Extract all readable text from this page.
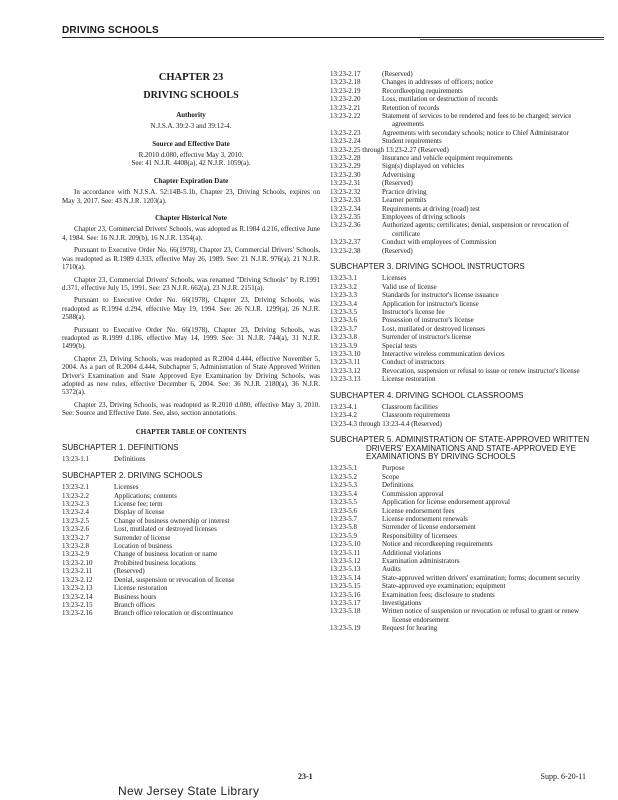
DRIVING SCHOOLS
CHAPTER 23
DRIVING SCHOOLS
Authority

N.J.S.A. 39:2-3 and 39:12-4.

Source and Effective Date

R.2010 d.080, effective May 3, 2010.

See: 41 N.J.R. 4408(a), 42 N.J.R. 1059(a).

Chapter Expiration Date

In accordance with N.J.S.A. 52:14B-5.1b, Chapter 23, Driving Schools, expires on May 3, 2017. See: 43 N.J.R. 1203(a).

Chapter Historical Note

Chapter 23, Commercial Drivers' Schools, was adopted as R.1984 d.216, effective June 4, 1984. See: 16 N.J.R. 209(b), 16 N.J.R. 1354(a).

Pursuant to Executive Order No. 66(1978), Chapter 23, Commercial Drivers' Schools, was readopted as R.1989 d.333, effective May 26, 1989. See: 21 N.J.R. 976(a), 21 N.J.R. 1710(a).

Chapter 23, Commercial Drivers' Schools, was renamed "Driving Schools" by R.1991 d.371, effective July 15, 1991. See: 23 N.J.R. 662(a), 23 N.J.R. 2151(a).

Pursuant to Executive Order No. 66(1978), Chapter 23, Driving Schools, was readopted as R.1994 d.294, effective May 19, 1994. See: 26 N.J.R. 1299(a), 26 N.J.R. 2588(a).

Pursuant to Executive Order No. 66(1978), Chapter 23, Driving Schools, was readopted as R.1999 d.186, effective May 14, 1999. See: 31 N.J.R. 744(a), 31 N.J.R. 1499(b).

Chapter 23, Driving Schools, was readopted as R.2004 d.444, effective November 5, 2004. As a part of R.2004 d.444, Subchapter 5, Administration of State Approved Written Driver's Examination and State Approved Eye Examination by Driving Schools, was adopted as new rules, effective December 6, 2004. See: 36 N.J.R. 2180(a), 36 N.J.R. 5372(a).

Chapter 23, Driving Schools, was readopted as R.2010 d.080, effective May 3, 2010. See: Source and Effective Date. See, also, section annotations.

CHAPTER TABLE OF CONTENTS
SUBCHAPTER 1. DEFINITIONS
13:23-1.1	Definitions
SUBCHAPTER 2. DRIVING SCHOOLS
13:23-2.1	Licenses
13:23-2.2	Applications; contents
13:23-2.3	License fee; term
13:23-2.4	Display of license
13:23-2.5	Change of business ownership or interest
13:23-2.6	Lost, mutilated or destroyed licenses
13:23-2.7	Surrender of license
13:23-2.8	Location of business
13:23-2.9	Change of business location or name
13:23-2.10	Prohibited business locations
13:23-2.11	(Reserved)
13:23-2.12	Denial, suspension or revocation of license
13:23-2.13	License restoration
13:23-2.14	Business hours
13:23-2.15	Branch offices
13:23-2.16	Branch office relocation or discontinuance
13:23-2.17	(Reserved)
13:23-2.18	Changes in addresses of officers; notice
13:23-2.19	Recordkeeping requirements
13:23-2.20	Loss, mutilation or destruction of records
13:23-2.21	Retention of records
13:23-2.22	Statement of services to be rendered and fees to be charged; service agreements
13:23-2.23	Agreements with secondary schools; notice to Chief Administrator
13:23-2.24	Student requirements
13:23-2.25 through 13:23-2.27 (Reserved)
13:23-2.28	Insurance and vehicle equipment requirements
13:23-2.29	Sign(s) displayed on vehicles
13:23-2.30	Advertising
13:23-2.31	(Reserved)
13:23-2.32	Practice driving
13:23-2.33	Learner permits
13:23-2.34	Requirements at driving (road) test
13:23-2.35	Employees of driving schools
13:23-2.36	Authorized agents; certificates; denial, suspension or revocation of certificate
13:23-2.37	Conduct with employees of Commission
13:23-2.38	(Reserved)
SUBCHAPTER 3. DRIVING SCHOOL INSTRUCTORS
13:23-3.1	Licenses
13:23-3.2	Valid use of license
13:23-3.3	Standards for instructor's license issuance
13:23-3.4	Application for instructor's license
13:23-3.5	Instructor's license fee
13:23-3.6	Possession of instructor's license
13:23-3.7	Lost, mutilated or destroyed licenses
13:23-3.8	Surrender of instructor's license
13:23-3.9	Special tests
13:23-3.10	Interactive wireless communication devices
13:23-3.11	Conduct of instructors
13:23-3.12	Revocation, suspension or refusal to issue or renew instructor's license
13:23-3.13	License restoration
SUBCHAPTER 4. DRIVING SCHOOL CLASSROOMS
13:23-4.1	Classroom facilities
13:23-4.2	Classroom requirements
13:23-4.3 through 13:23-4.4 (Reserved)
SUBCHAPTER 5. ADMINISTRATION OF STATE-APPROVED WRITTEN DRIVERS' EXAMINATIONS AND STATE-APPROVED EYE EXAMINATIONS BY DRIVING SCHOOLS
13:23-5.1	Purpose
13:23-5.2	Scope
13:23-5.3	Definitions
13:23-5.4	Commission approval
13:23-5.5	Application for license endorsement approval
13:23-5.6	License endorsement fees
13:23-5.7	License endorsement renewals
13:23-5.8	Surrender of license endorsement
13:23-5.9	Responsibility of licensees
13:23-5.10	Notice and recordkeeping requirements
13:23-5.11	Additional violations
13:23-5.12	Examination administrators
13:23-5.13	Audits
13:23-5.14	State-approved written drivers' examination; forms; document security
13:23-5.15	State-approved eye examination; equipment
13:23-5.16	Examination fees; disclosure to students
13:23-5.17	Investigations
13:23-5.18	Written notice of suspension or revocation or refusal to grant or renew license endorsement
13:23-5.19	Request for hearing
23-1	Supp. 6-20-11
New Jersey State Library
